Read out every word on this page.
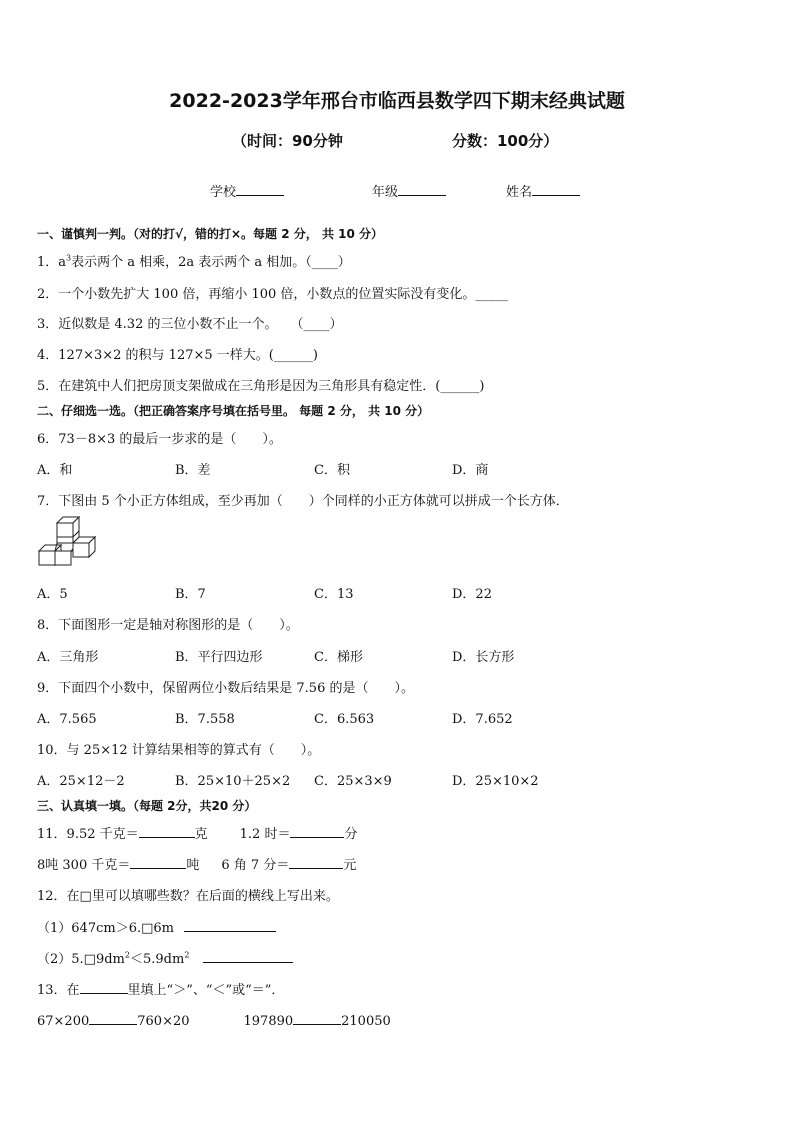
2022-2023学年邢台市临西县数学四下期末经典试题
（时间：90分钟	分数：100分）
学校	年级	姓名
一、谨慎判一判。（对的打√，错的打×。每题 2 分， 共 10 分）
1．$a^3$表示两个 a 相乘，2a 表示两个 a 相加。（____）
2．一个小数先扩大 100 倍，再缩小 100 倍，小数点的位置实际没有变化。_____
3．近似数是 4.32 的三位小数不止一个。　　（____）
4．127×3×2 的积与 127×5 一样大。(______)
5．在建筑中人们把房顶支架做成在三角形是因为三角形具有稳定性．(______)
二、仔细选一选。（把正确答案序号填在括号里。 每题 2 分， 共 10 分）
6．73－8×3 的最后一步求的是（　　）。
A．和	B．差	C．积	D．商
7．下图由 5 个小正方体组成，至少再加（　　）个同样的小正方体就可以拼成一个长方体．
A．5	B．7	C．13	D．22
8．下面图形一定是轴对称图形的是（　　）。
A．三角形	B．平行四边形	C．梯形	D．长方形
9．下面四个小数中，保留两位小数后结果是 7.56 的是（　　）。
A．7.565	B．7.558	C．6.563	D．7.652
10．与 25×12 计算结果相等的算式有（　　）。
A．25×12－2	B．25×10＋25×2 C．25×3×9	D．25×10×2
三、认真填一填。（每题 2分，共20 分）
11．9.52 千克＝	克 1.2 时＝	分
8吨 300 千克＝	吨 6 角 7 分＝	元
12．在□里可以填哪些数？在后面的横线上写出来。
（1）647cm＞6.□6m
$(2)5.□9dm^2<5.9dm^2$
13．在	里填上“＞”、“＜”或“＝”．
67×200	760×20	197890	210050
